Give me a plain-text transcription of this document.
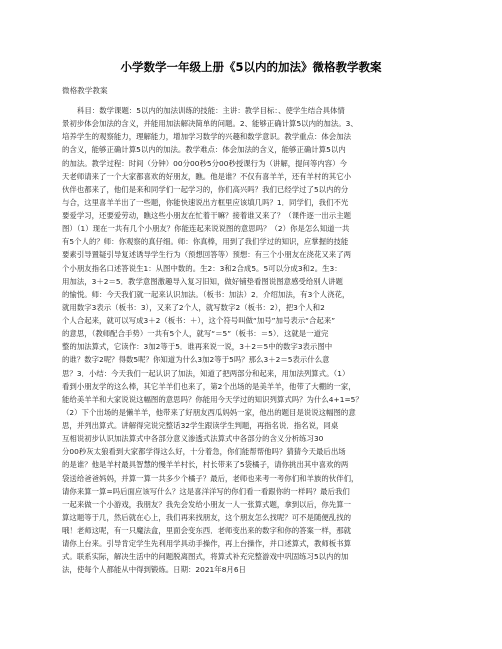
小学数学一年级上册《5以内的加法》微格教学教案

微格教学教案

科目：数学课题：5以内的加法训练的技能：主讲：教学目标：、使学生结合具体情
景初步体会加法的含义，并能用加法解决简单的问题。2、能够正确计算5以内的加法。3、
培养学生的观察能力，理解能力，增加学习数学的兴趣和数学意识。教学重点：体会加法
的含义，能够正确计算5以内的加法。教学难点：体会加法的含义，能够正确计算5以内
的加法。教学过程：时间（分钟）00分00秒5分00秒授课行为（讲解，提问等内容）今
天老师请来了一个大家都喜欢的好朋友，瞧。他是谁？不仅有喜羊羊，还有羊村的其它小
伙伴也都来了，他们是来和同学们一起学习的，你们高兴吗？我们已经学过了5以内的分
与合，这里喜羊羊出了一些题，你能快速说出方框里应该填几吗？1．同学们，我们不光
要爱学习，还要爱劳动，瞧这些小朋友在忙着干嘛？接着谁又来了？（课件逐一出示主题
图）（1）现在一共有几个小朋友？你能连起来说说图的意思吗？（2）你是怎么知道一共
有5个人的？师：你观察的真仔细。师：你真棒，用到了我们学过的知识，应掌握的技能
要素引导置疑引导复述诱导学生行为（预想回答等）预想：有三个小朋友在浇花又来了两
个小朋友指名口述答说生1：从图中数的。生2：3和2合成5。5可以分成3和2。生3：
用加法，3＋2＝5．教学意图激趣导入复习旧知，做好铺垫看图说图意感受给别人讲题
的愉悦。师：今天我们就一起来认识加法。（板书：加法）2．介绍加法，有3个人浇花，
就用数字3表示（板书：3），又来了2个人，就写数字2（板书：2），把3个人和2
个人合起来，就可以写成3＋2（板书：＋），这个符号叫做“加号”加号表示“合起来”
的意思，（教师配合手势）一共有5个人，就写“＝5”（板书：＝5）．这就是一道完
整的加法算式，它读作：3加2等于5．谁再来说一说，3＋2＝5中的数字3表示图中
的谁？数字2呢？得数5呢？你知道为什么3加2等于5吗？那么3＋2＝5表示什么意
思？3．小结：今天我们一起认识了加法，知道了把两部分和起来，用加法列算式。（1）
看到小朋友学的这么棒，其它羊羊们也来了，第2个出场的是美羊羊，他带了大棚的一家，
能给美羊羊和大家说说这幅图的意思吗？你能用今天学过的知识列算式吗？为什么4+1=5？
（2）下个出场的是懒羊羊，他带来了好朋友西瓜妈妈一家，他出的题目是说说这幅图的意
思，并列出算式。讲解得完说完整话32学生跟读学生判题，再指名说．指名说，同桌
互相说初步认识加法算式中各部分意义渗透式法算式中各部分的含义分析练习30
分00秒灰太狼看到大家都学得这么好，十分着急，你们能帮帮他吗？猜猜今天最后出场
的是谁？他是羊村最具智慧的慢羊羊村长，村长带来了5袋橘子，请你挑出其中喜欢的两
袋送给爸爸妈妈，并算一算一共多少个橘子？最后，老师也来考一考你们和羊族的伙伴们，
请你来算一算=吗后面应该写什么？这是喜洋洋写的你们看一看跟你的一样吗？最后我们
一起来做一个小游戏，我朋友？我先会发给小朋友一人一张算式题，拿到以后，你先算一
算这题等于几，然后就在心上，我们再来找朋友，这个朋友怎么找呢？可不是随便乱找的
哦！老师这呢，有一只魔法盒，里面会变东西．老师变出来的数字和你的答案一样，那就
请你上台来。引导肯定学生先利用学具动手操作，再上台操作，并口述算式，教师板书算
式。联系实际，解决生活中的问题脱离图式，将算式补充完整游戏中巩固练习5以内的加
法，使每个人都能从中得到锻炼。日期：2021年8月6日
